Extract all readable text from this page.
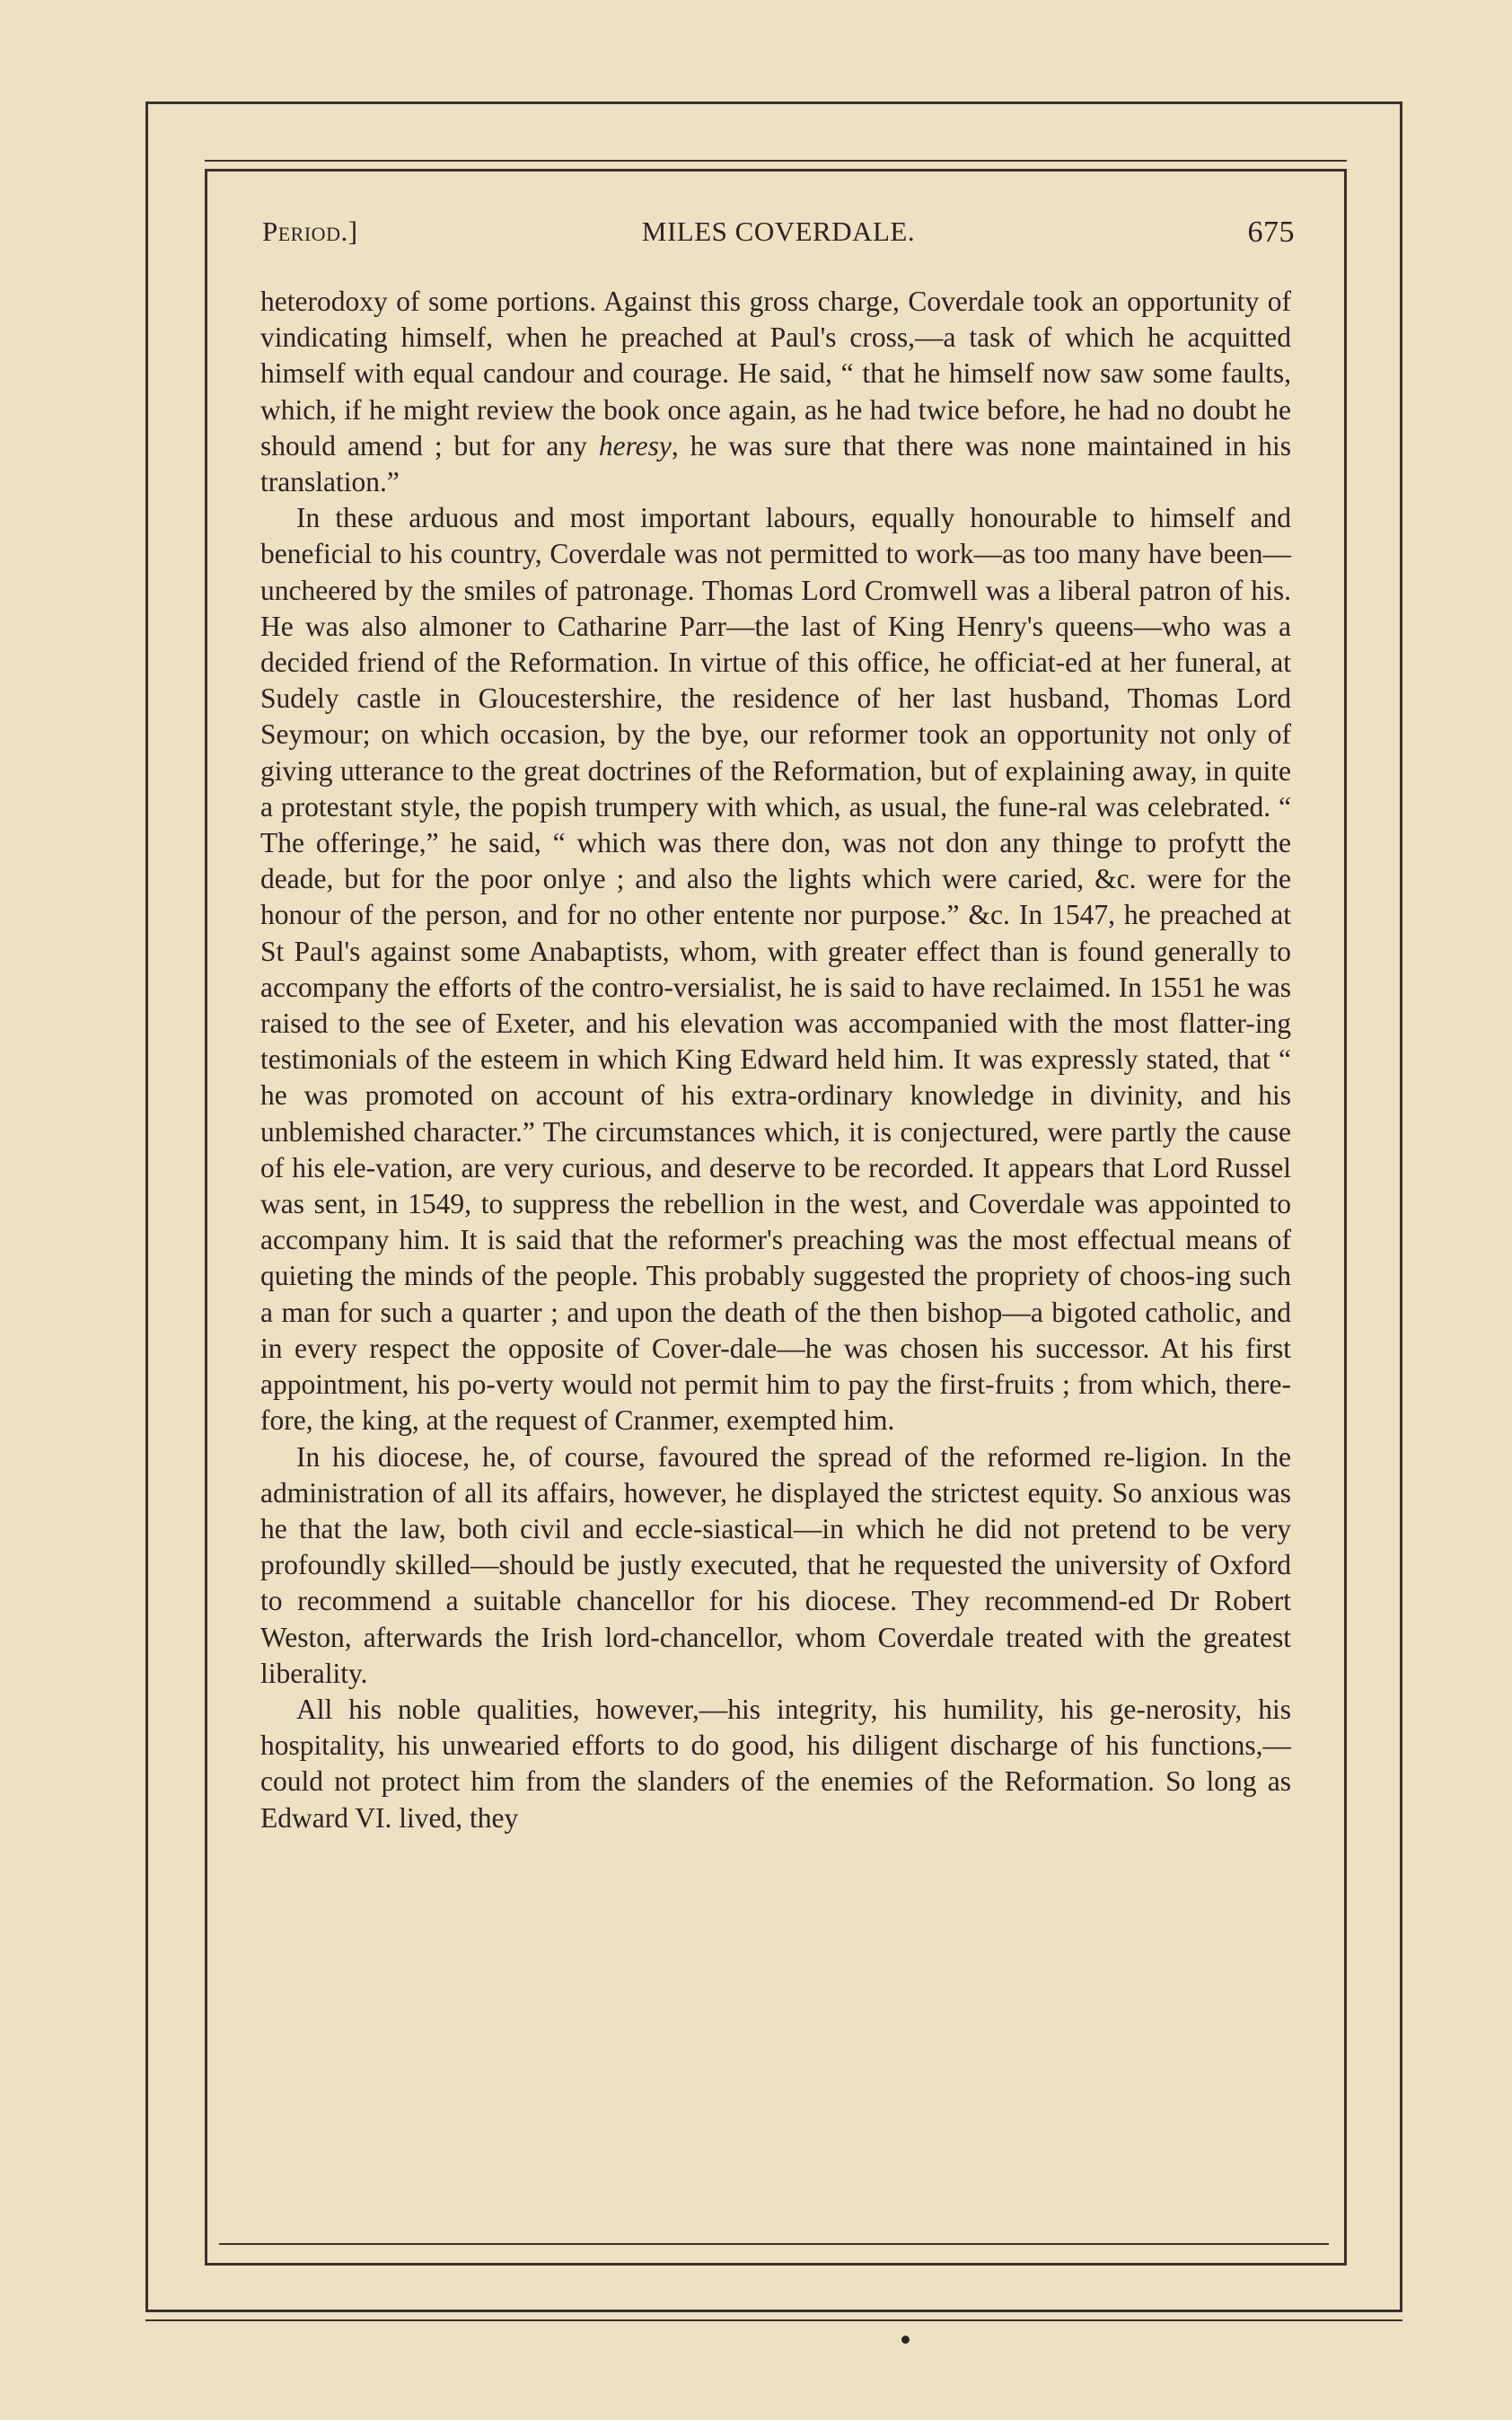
Period.]	MILES COVERDALE.	675

heterodoxy of some portions. Against this gross charge, Coverdale took an opportunity of vindicating himself, when he preached at Paul's cross,—a task of which he acquitted himself with equal candour and courage. He said, “ that he himself now saw some faults, which, if he might review the book once again, as he had twice before, he had no doubt he should amend ; but for any heresy, he was sure that there was none maintained in his translation.”

In these arduous and most important labours, equally honourable to himself and beneficial to his country, Coverdale was not permitted to work—as too many have been—uncheered by the smiles of patronage. Thomas Lord Cromwell was a liberal patron of his. He was also almoner to Catharine Parr—the last of King Henry's queens—who was a decided friend of the Reformation. In virtue of this office, he officiat-ed at her funeral, at Sudely castle in Gloucestershire, the residence of her last husband, Thomas Lord Seymour; on which occasion, by the bye, our reformer took an opportunity not only of giving utterance to the great doctrines of the Reformation, but of explaining away, in quite a protestant style, the popish trumpery with which, as usual, the fune-ral was celebrated. “ The offeringe,” he said, “ which was there don, was not don any thinge to profytt the deade, but for the poor onlye ; and also the lights which were caried, &c. were for the honour of the person, and for no other entente nor purpose.” &c. In 1547, he preached at St Paul's against some Anabaptists, whom, with greater effect than is found generally to accompany the efforts of the contro-versialist, he is said to have reclaimed. In 1551 he was raised to the see of Exeter, and his elevation was accompanied with the most flatter-ing testimonials of the esteem in which King Edward held him. It was expressly stated, that “ he was promoted on account of his extra-ordinary knowledge in divinity, and his unblemished character.” The circumstances which, it is conjectured, were partly the cause of his ele-vation, are very curious, and deserve to be recorded. It appears that Lord Russel was sent, in 1549, to suppress the rebellion in the west, and Coverdale was appointed to accompany him. It is said that the reformer's preaching was the most effectual means of quieting the minds of the people. This probably suggested the propriety of choos-ing such a man for such a quarter ; and upon the death of the then bishop—a bigoted catholic, and in every respect the opposite of Cover-dale—he was chosen his successor. At his first appointment, his po-verty would not permit him to pay the first-fruits ; from which, there-fore, the king, at the request of Cranmer, exempted him.

In his diocese, he, of course, favoured the spread of the reformed re-ligion. In the administration of all its affairs, however, he displayed the strictest equity. So anxious was he that the law, both civil and eccle-siastical—in which he did not pretend to be very profoundly skilled—should be justly executed, that he requested the university of Oxford to recommend a suitable chancellor for his diocese. They recommend-ed Dr Robert Weston, afterwards the Irish lord-chancellor, whom Coverdale treated with the greatest liberality.

All his noble qualities, however,—his integrity, his humility, his ge-nerosity, his hospitality, his unwearied efforts to do good, his diligent discharge of his functions,—could not protect him from the slanders of the enemies of the Reformation. So long as Edward VI. lived, they
